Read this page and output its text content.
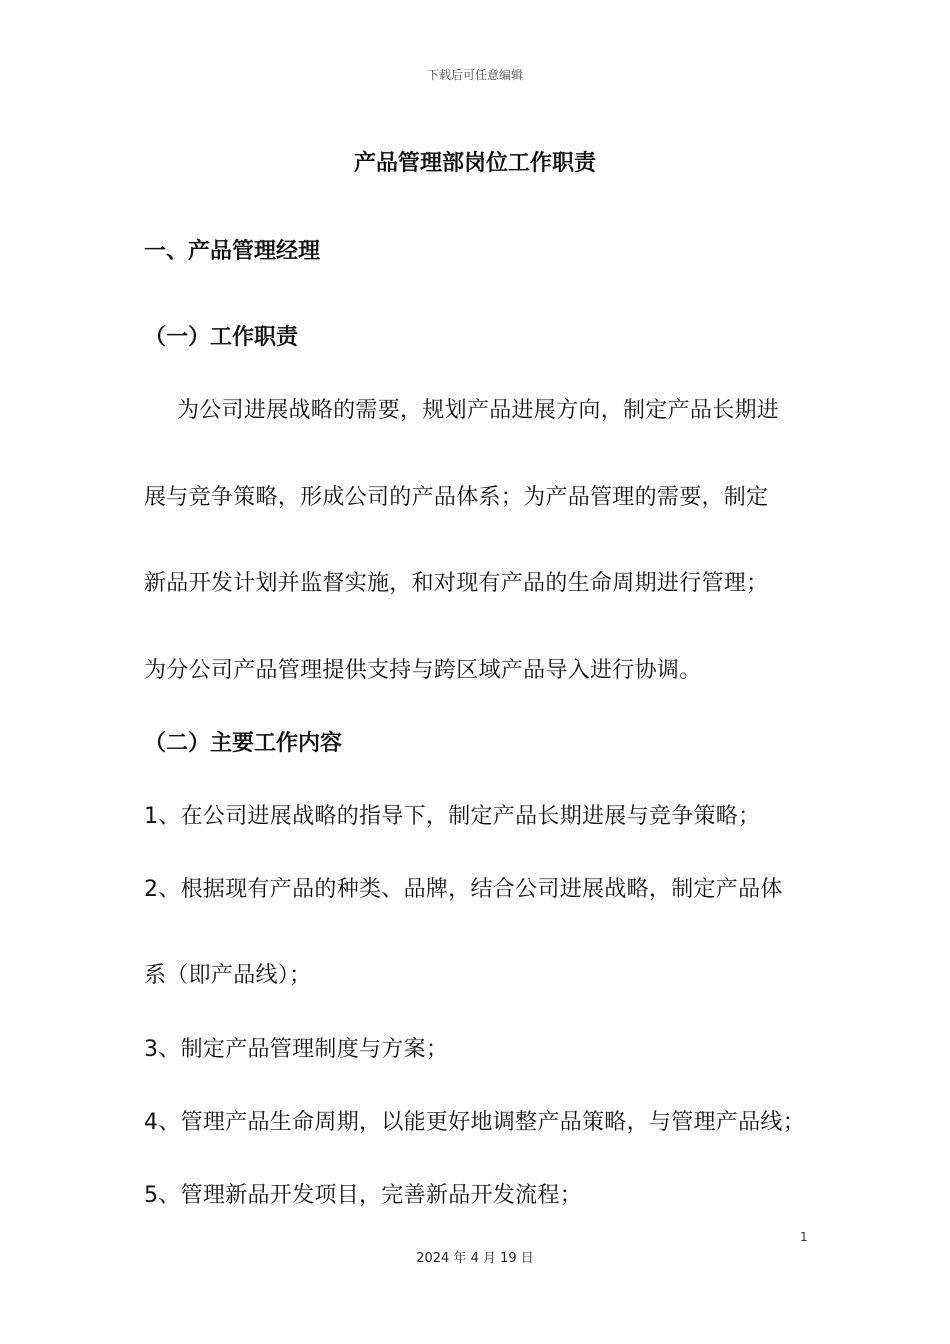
下载后可任意编辑
产品管理部岗位工作职责
一、产品管理经理
（一）工作职责
为公司进展战略的需要，规划产品进展方向，制定产品长期进
展与竞争策略，形成公司的产品体系；为产品管理的需要，制定
新品开发计划并监督实施，和对现有产品的生命周期进行管理；
为分公司产品管理提供支持与跨区域产品导入进行协调。
（二）主要工作内容
1、在公司进展战略的指导下，制定产品长期进展与竞争策略；
2、根据现有产品的种类、品牌，结合公司进展战略，制定产品体
系（即产品线）；
3、制定产品管理制度与方案；
4、管理产品生命周期，以能更好地调整产品策略，与管理产品线；
5、管理新品开发项目，完善新品开发流程；
1
2024 年 4 月 19 日
